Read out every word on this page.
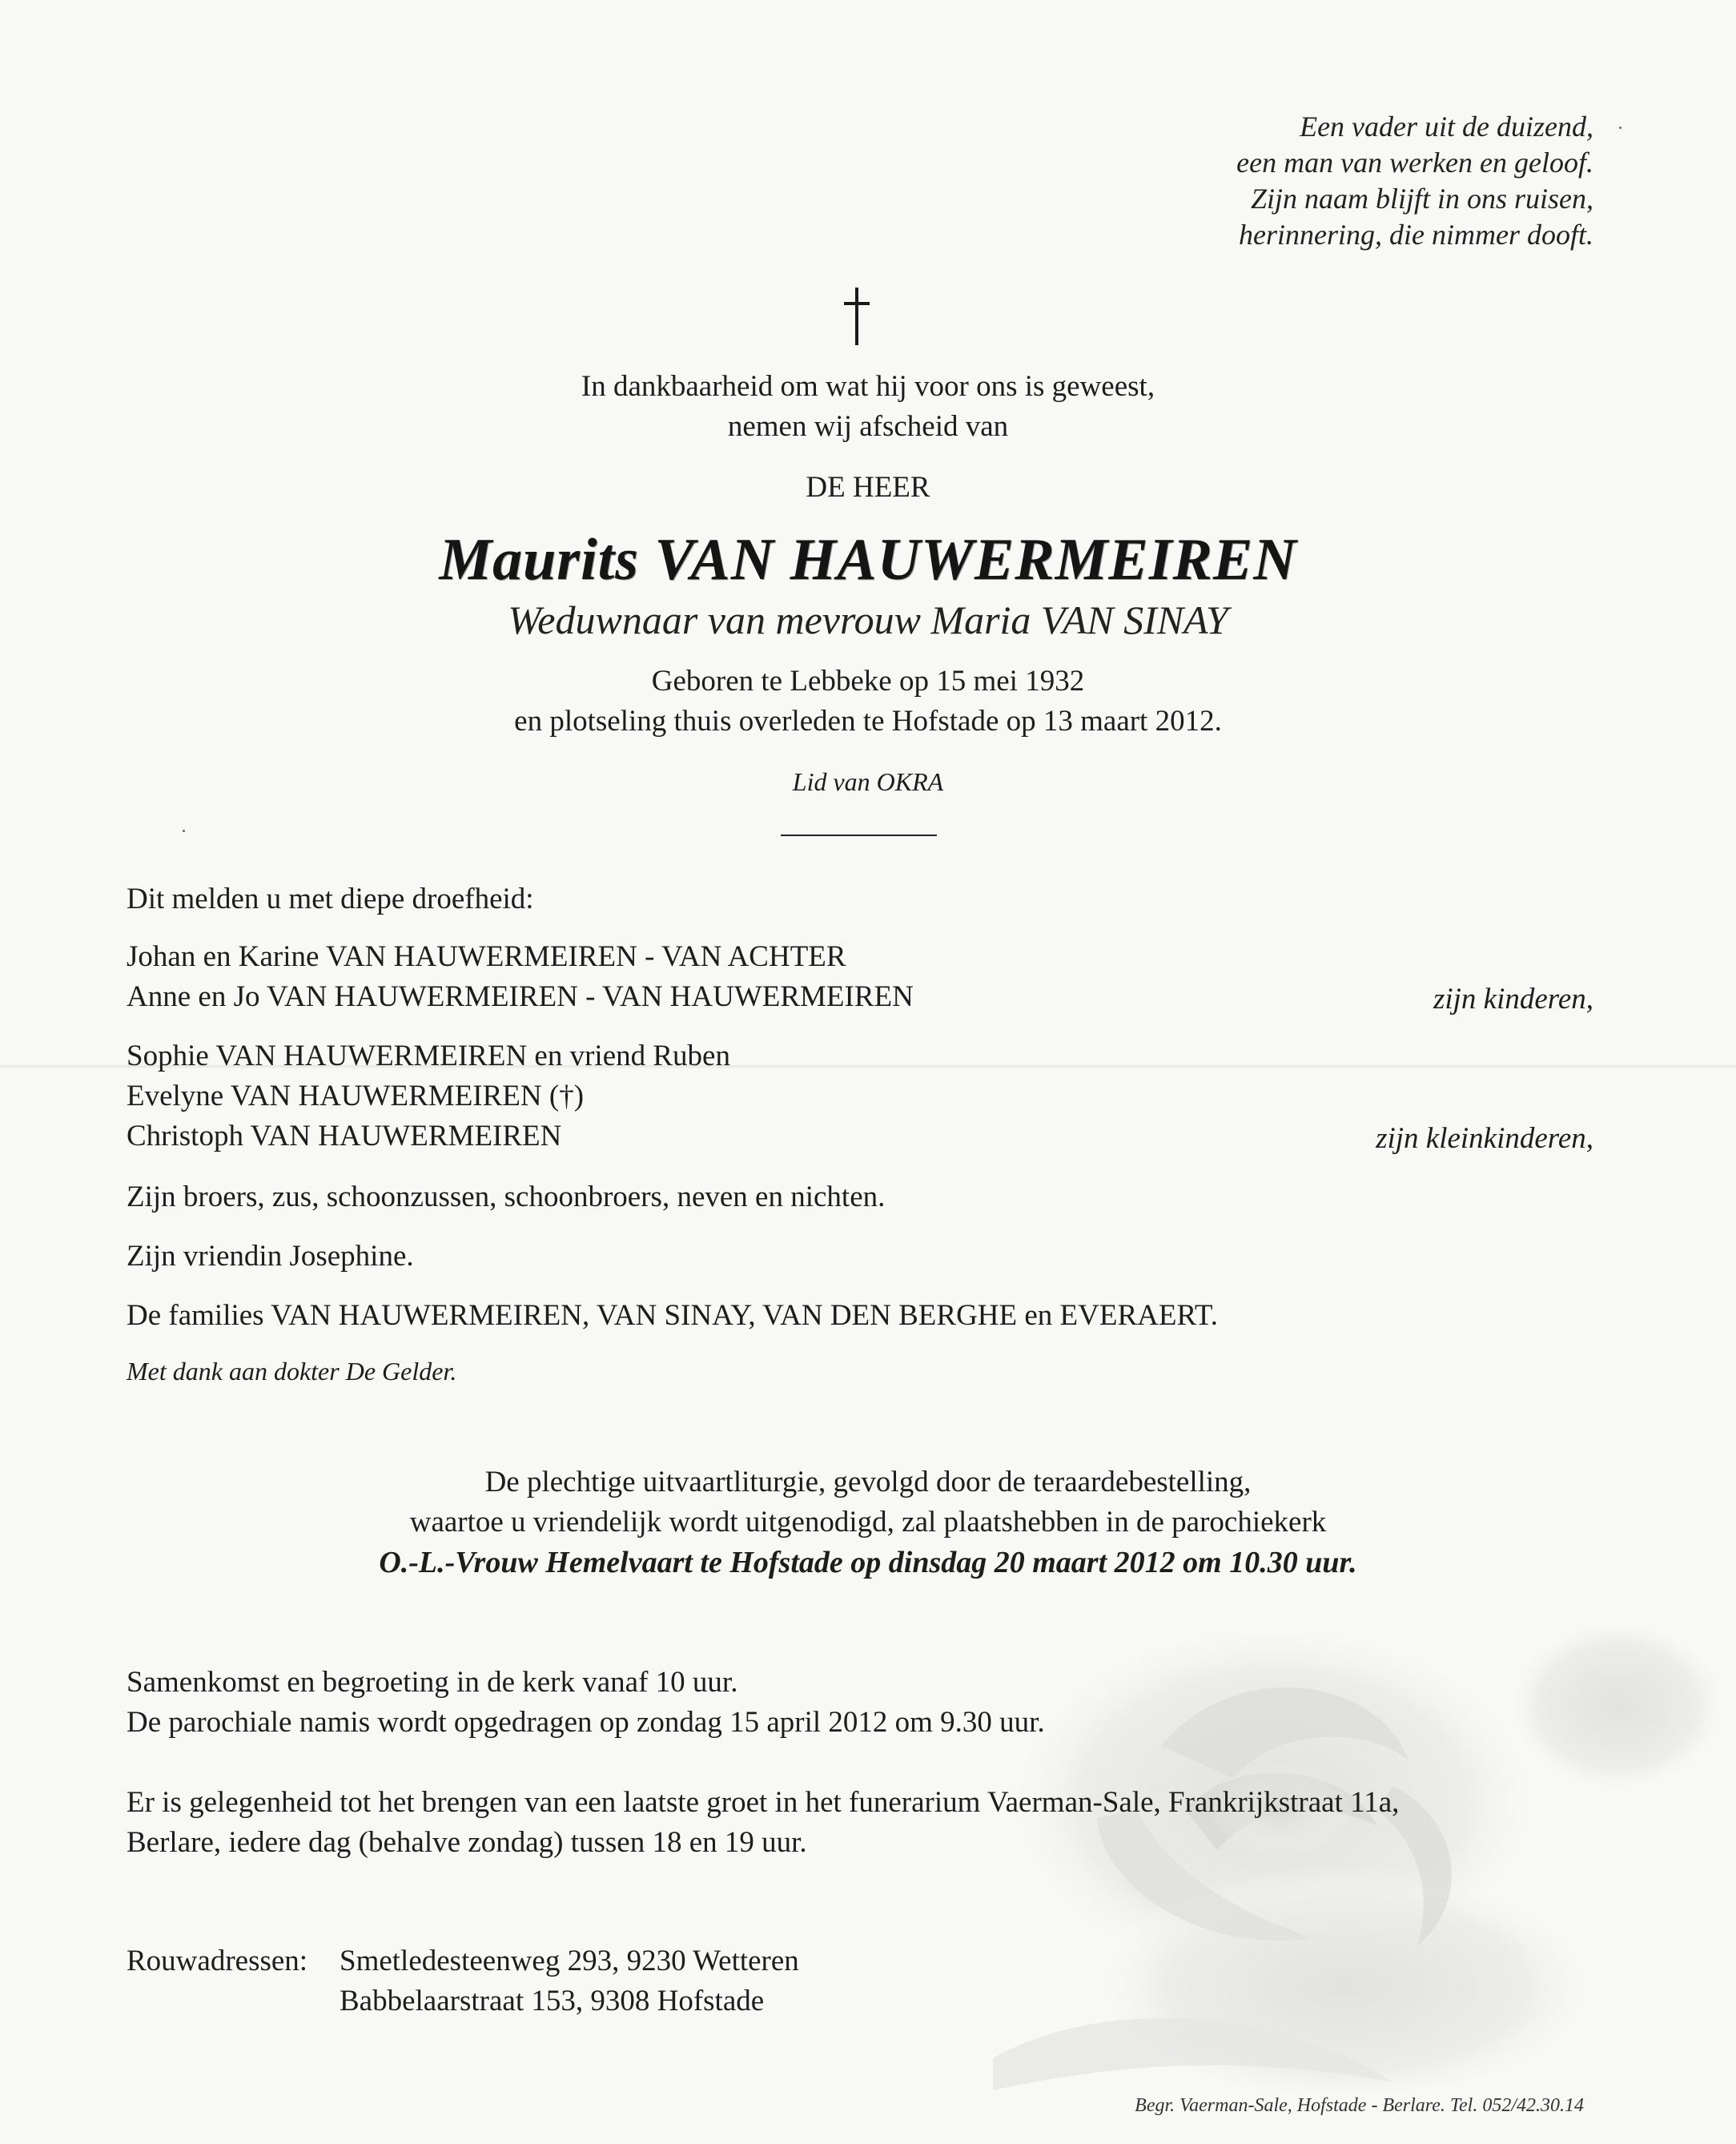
Een vader uit de duizend,
een man van werken en geloof.
Zijn naam blijft in ons ruisen,
herinnering, die nimmer dooft.
In dankbaarheid om wat hij voor ons is geweest,
nemen wij afscheid van
DE HEER
Maurits VAN HAUWERMEIREN
Weduwnaar van mevrouw Maria VAN SINAY
Geboren te Lebbeke op 15 mei 1932
en plotseling thuis overleden te Hofstade op 13 maart 2012.
Lid van OKRA
Dit melden u met diepe droefheid:
Johan en Karine VAN HAUWERMEIREN - VAN ACHTER
Anne en Jo VAN HAUWERMEIREN - VAN HAUWERMEIREN	zijn kinderen,
Sophie VAN HAUWERMEIREN en vriend Ruben
Evelyne VAN HAUWERMEIREN (†)
Christoph VAN HAUWERMEIREN	zijn kleinkinderen,
Zijn broers, zus, schoonzussen, schoonbroers, neven en nichten.
Zijn vriendin Josephine.
De families VAN HAUWERMEIREN, VAN SINAY, VAN DEN BERGHE en EVERAERT.
Met dank aan dokter De Gelder.
De plechtige uitvaartliturgie, gevolgd door de teraardebestelling,
waartoe u vriendelijk wordt uitgenodigd, zal plaatshebben in de parochiekerk
O.-L.-Vrouw Hemelvaart te Hofstade op dinsdag 20 maart 2012 om 10.30 uur.
Samenkomst en begroeting in de kerk vanaf 10 uur.
De parochiale namis wordt opgedragen op zondag 15 april 2012 om 9.30 uur.
Er is gelegenheid tot het brengen van een laatste groet in het funerarium Vaerman-Sale, Frankrijkstraat 11a,
Berlare, iedere dag (behalve zondag) tussen 18 en 19 uur.
Rouwadressen: Smetledesteenweg 293, 9230 Wetteren
Babbelaarstraat 153, 9308 Hofstade
Begr. Vaerman-Sale, Hofstade - Berlare. Tel. 052/42.30.14
